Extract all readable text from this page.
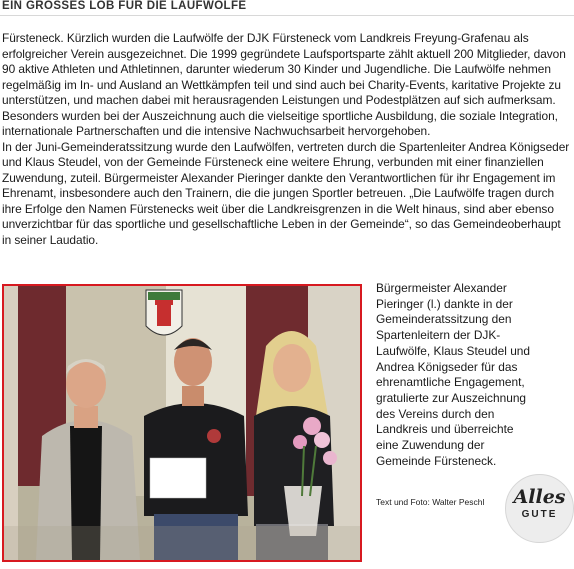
EIN GROSSES LOB FÜR DIE LAUFWÖLFE

Fürsteneck. Kürzlich wurden die Laufwölfe der DJK Fürsteneck vom Landkreis Freyung-Grafenau als erfolgreicher Verein ausgezeichnet. Die 1999 gegründete Laufsportsparte zählt aktuell 200 Mitglieder, davon 90 aktive Athleten und Athletinnen, darunter wiederum 30 Kinder und Jugendliche. Die Laufwölfe nehmen regelmäßig im In- und Ausland an Wettkämpfen teil und sind auch bei Charity-Events, karitative Projekte zu unterstützen, und machen dabei mit herausragenden Leistungen und Podestplätzen auf sich aufmerksam. Besonders wurden bei der Auszeichnung auch die vielseitige sportliche Ausbildung, die soziale Integration, internationale Partnerschaften und die intensive Nachwuchsarbeit hervorgehoben.

In der Juni-Gemeinderatssitzung wurde den Laufwölfen, vertreten durch die Spartenleiter Andrea Königseder und Klaus Steudel, von der Gemeinde Fürsteneck eine weitere Ehrung, verbunden mit einer finanziellen Zuwendung, zuteil. Bürgermeister Alexander Pieringer dankte den Verantwortlichen für ihr Engagement im Ehrenamt, insbesondere auch den Trainern, die die jungen Sportler betreuen. „Die Laufwölfe tragen durch ihre Erfolge den Namen Fürstenecks weit über die Landkreisgrenzen in die Welt hinaus, sind aber ebenso unverzichtbar für das sportliche und gesellschaftliche Leben in der Gemeinde“, so das Gemeindeoberhaupt in seiner Laudatio.

Bürgermeister Alexander Pieringer (l.) dankte in der Gemeinderatssitzung den Spartenleitern der DJK-Laufwölfe, Klaus Steudel und Andrea Königseder für das ehrenamtliche Engagement, gratulierte zur Auszeichnung des Vereins durch den Landkreis und überreichte eine Zuwendung der Gemeinde Fürsteneck.
Text und Foto: Walter Peschl	Alles
GUTE
